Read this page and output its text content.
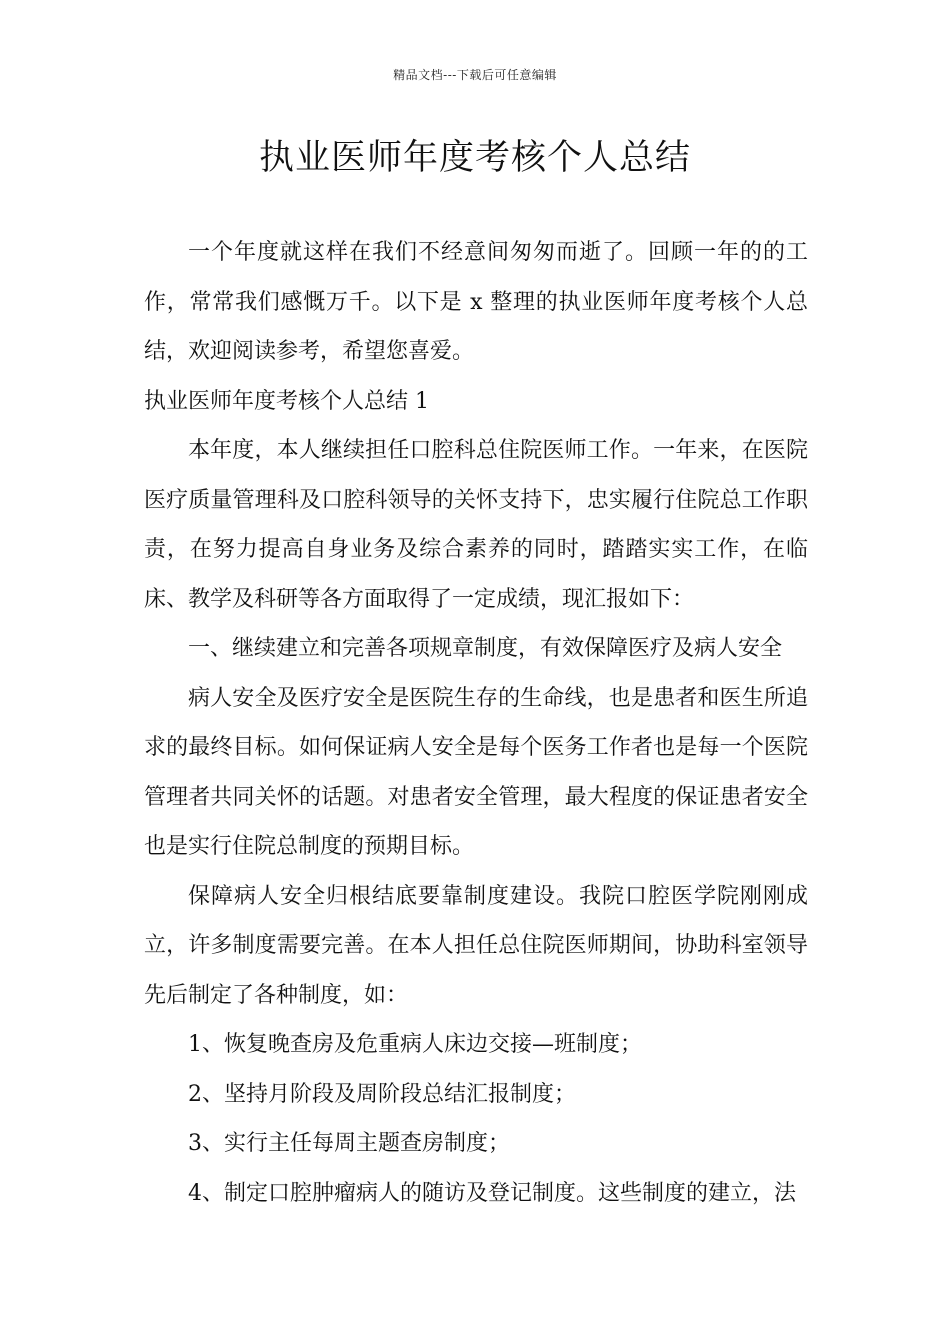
精品文档---下载后可任意编辑
执业医师年度考核个人总结

一个年度就这样在我们不经意间匆匆而逝了。回顾一年的的工作，常常我们感慨万千。以下是 x 整理的执业医师年度考核个人总结，欢迎阅读参考，希望您喜爱。

执业医师年度考核个人总结 1

本年度，本人继续担任口腔科总住院医师工作。一年来，在医院医疗质量管理科及口腔科领导的关怀支持下，忠实履行住院总工作职责，在努力提高自身业务及综合素养的同时，踏踏实实工作，在临床、教学及科研等各方面取得了一定成绩，现汇报如下：

一、继续建立和完善各项规章制度，有效保障医疗及病人安全

病人安全及医疗安全是医院生存的生命线，也是患者和医生所追求的最终目标。如何保证病人安全是每个医务工作者也是每一个医院管理者共同关怀的话题。对患者安全管理，最大程度的保证患者安全也是实行住院总制度的预期目标。

保障病人安全归根结底要靠制度建设。我院口腔医学院刚刚成立，许多制度需要完善。在本人担任总住院医师期间，协助科室领导先后制定了各种制度，如：

1、恢复晚查房及危重病人床边交接—班制度；

2、坚持月阶段及周阶段总结汇报制度；

3、实行主任每周主题查房制度；

4、制定口腔肿瘤病人的随访及登记制度。这些制度的建立，法
